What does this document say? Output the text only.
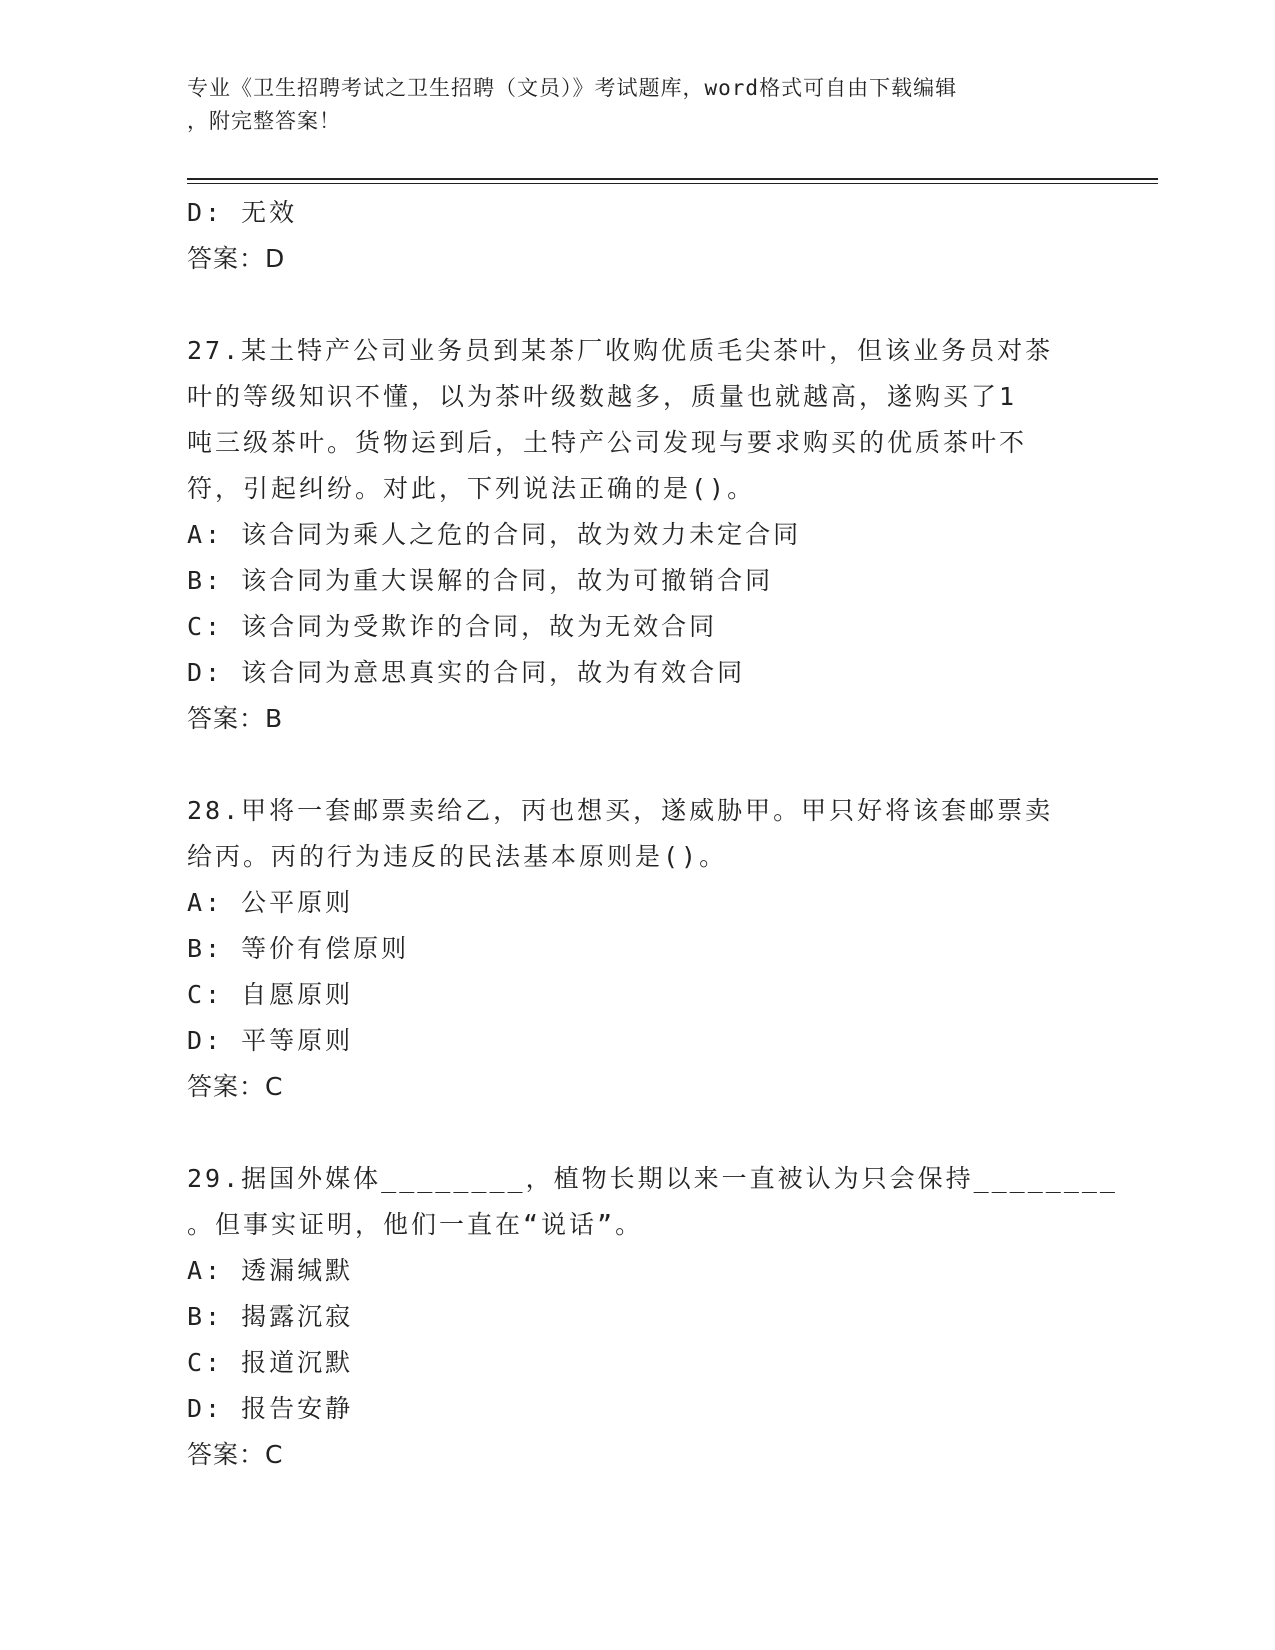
专业《卫生招聘考试之卫生招聘（文员）》考试题库，word格式可自由下载编辑
，附完整答案！
D: 无效
答案：D
27.某土特产公司业务员到某茶厂收购优质毛尖茶叶，但该业务员对茶
叶的等级知识不懂，以为茶叶级数越多，质量也就越高，遂购买了1
吨三级茶叶。货物运到后，土特产公司发现与要求购买的优质茶叶不
符，引起纠纷。对此，下列说法正确的是()。
A: 该合同为乘人之危的合同，故为效力未定合同
B: 该合同为重大误解的合同，故为可撤销合同
C: 该合同为受欺诈的合同，故为无效合同
D: 该合同为意思真实的合同，故为有效合同
答案：B
28.甲将一套邮票卖给乙，丙也想买，遂威胁甲。甲只好将该套邮票卖
给丙。丙的行为违反的民法基本原则是()。
A: 公平原则
B: 等价有偿原则
C: 自愿原则
D: 平等原则
答案：C
29.据国外媒体________，植物长期以来一直被认为只会保持________
。但事实证明，他们一直在“说话”。
A: 透漏缄默
B: 揭露沉寂
C: 报道沉默
D: 报告安静
答案：C
